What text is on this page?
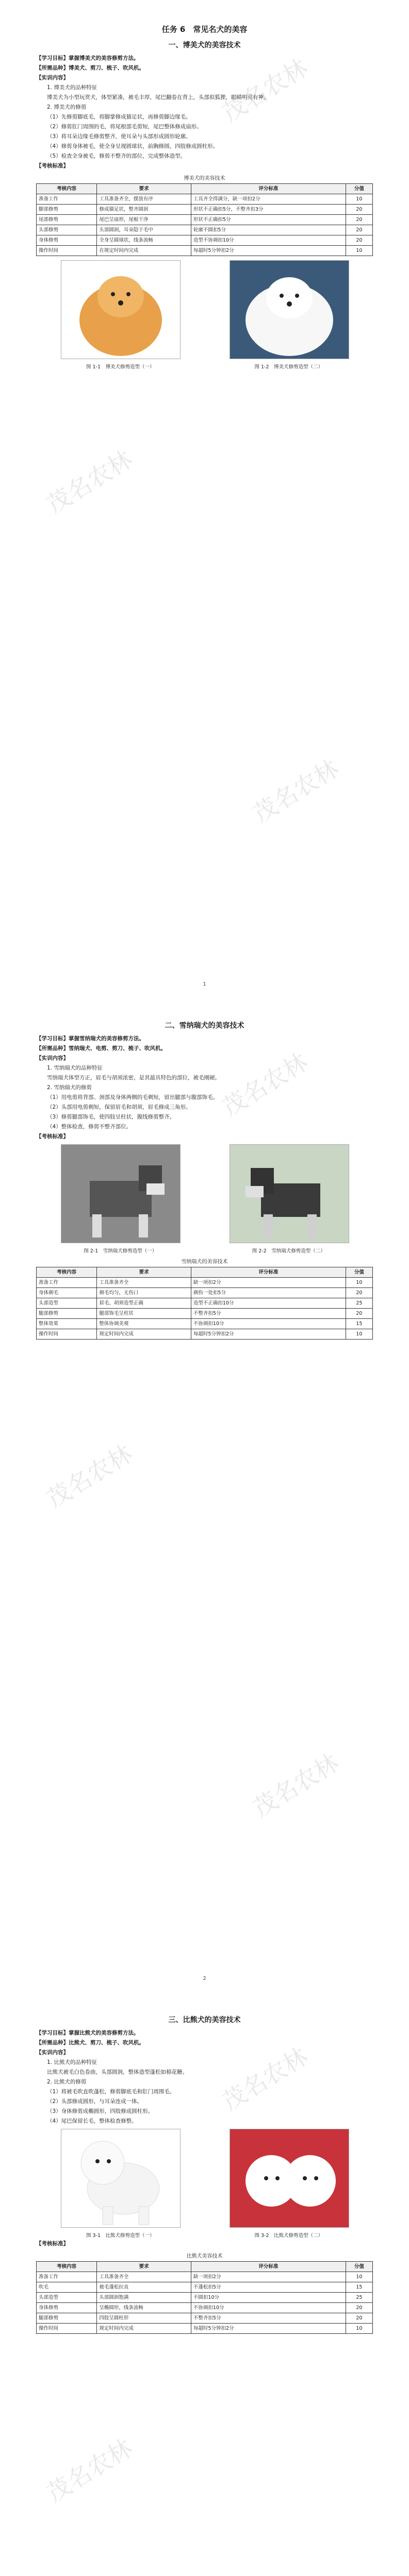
茂名农林
茂名农林
茂名农林
任务 6　常见名犬的美容
一、博美犬的美容技术

【学习目标】掌握博美犬的美容修剪方法。

【所需品种】博美犬、剪刀、梳子、吹风机。

【实训内容】

1. 博美犬的品种特征

博美犬为小型玩赏犬，体型紧凑，被毛丰厚，尾巴翻卷在背上，头部似狐狸，眼睛明亮有神。

2. 博美犬的修剪

（1）先修剪脚底毛，将脚掌修成猫足状，再修剪脚边缘毛。

（2）修剪肛门周围的毛，将尾根部毛剪短，尾巴整体修成扇形。

（3）将耳朵边缘毛修剪整齐，使耳朵与头部形成圆形轮廓。

（4）修剪身体被毛，使全身呈现圆球状，前胸修圆，四肢修成圆柱形。

（5）检查全身被毛，修剪不整齐的部位，完成整体造型。

【考核标准】

博美犬的美容技术
考核内容	要求	评分标准	分值
准备工作	工具准备齐全，摆放有序	工具齐全得满分，缺一项扣2分	10
脚部修剪	修成猫足状，整齐圆润	形状不正确扣5分，不整齐扣3分	20
尾部修剪	尾巴呈扇形，尾根干净	形状不正确扣5分	20
头部修剪	头部圆润，耳朵隐于毛中	轮廓不圆扣5分	20
身体修剪	全身呈圆球状，线条流畅	造型不协调扣10分	20
操作时间	在规定时间内完成	每超时5分钟扣2分	10
图 1-1　博美犬修剪造型（一）	图 1-2　博美犬修剪造型（二）
1
茂名农林
茂名农林
茂名农林
二、雪纳瑞犬的美容技术

【学习目标】掌握雪纳瑞犬的美容修剪方法。

【所需品种】雪纳瑞犬、电剪、剪刀、梳子、吹风机。

【实训内容】

1. 雪纳瑞犬的品种特征

雪纳瑞犬体型方正，眉毛与胡须浓密，是其最具特色的部位，被毛刚硬。

2. 雪纳瑞犬的修剪

（1）用电剪将背部、颈部及身体两侧的毛剃短，留出腿部与腹部饰毛。

（2）头部用电剪剃短，保留眉毛和胡须，眉毛修成三角形。

（3）修剪腿部饰毛，使四肢呈柱状，腹线修剪整齐。

（4）整体检查，修剪不整齐部位。

【考核标准】

图 2-1　雪纳瑞犬修剪造型（一）	图 2-2　雪纳瑞犬修剪造型（二）
雪纳瑞犬的美容技术
考核内容	要求	评分标准	分值
准备工作	工具准备齐全	缺一项扣2分	10
身体剃毛	剃毛均匀，无伤口	剃伤一处扣5分	20
头部造型	眉毛、胡须造型正确	造型不正确扣10分	25
腿部修剪	腿部饰毛呈柱状	不整齐扣5分	20
整体效果	整体协调美观	不协调扣10分	15
操作时间	规定时间内完成	每超时5分钟扣2分	10
2
茂名农林
茂名农林
三、比熊犬的美容技术

【学习目标】掌握比熊犬的美容修剪方法。

【所需品种】比熊犬、剪刀、梳子、吹风机。

【实训内容】

1. 比熊犬的品种特征

比熊犬被毛白色卷曲，头部圆润，整体造型蓬松如棉花糖。

2. 比熊犬的修剪

（1）将被毛吹直吹蓬松，修剪脚底毛和肛门周围毛。

（2）头部修成圆形，与耳朵连成一体。

（3）身体修剪成椭圆形，四肢修成圆柱形。

（4）尾巴保留长毛，整体检查修整。

图 3-1　比熊犬修剪造型（一）	图 3-2　比熊犬修剪造型（二）

【考核标准】

比熊犬美容技术
考核内容	要求	评分标准	分值
准备工作	工具准备齐全	缺一项扣2分	10
吹毛	被毛蓬松拉直	不蓬松扣5分	15
头部造型	头部圆润饱满	不圆扣10分	25
身体修剪	呈椭圆形，线条流畅	不协调扣10分	20
腿部修剪	四肢呈圆柱形	不整齐扣5分	20
操作时间	规定时间内完成	每超时5分钟扣2分	10
